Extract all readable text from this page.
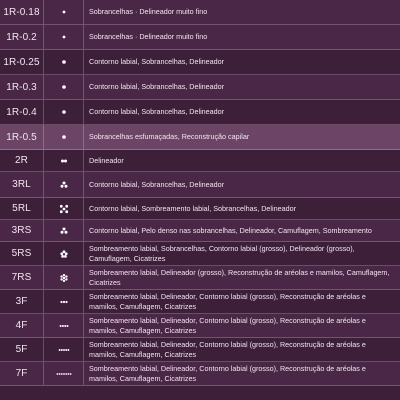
1R-0.18	Sobrancelhas · Delineador muito fino
1R-0.2	Sobrancelhas · Delineador muito fino
1R-0.25	Contorno labial, Sobrancelhas, Delineador
1R-0.3	Contorno labial, Sobrancelhas, Delineador
1R-0.4	Contorno labial, Sobrancelhas, Delineador
1R-0.5	Sobrancelhas esfumaçadas, Reconstrução capilar
2R	Delineador
3RL	Contorno labial, Sobrancelhas, Delineador
5RL	Contorno labial, Sombreamento labial, Sobrancelhas, Delineador
3RS	Contorno labial, Pelo denso nas sobrancelhas, Delineador, Camuflagem, Sombreamento
5RS	Sombreamento labial, Sobrancelhas, Contorno labial (grosso), Delineador (grosso), Camuflagem, Cicatrizes
7RS	Sombreamento labial, Delineador (grosso), Reconstrução de aréolas e mamilos, Camuflagem, Cicatrizes
3F	Sombreamento labial, Delineador, Contorno labial (grosso), Reconstrução de aréolas e mamilos, Camuflagem, Cicatrizes
4F	Sombreamento labial, Delineador, Contorno labial (grosso), Reconstrução de aréolas e mamilos, Camuflagem, Cicatrizes
5F	Sombreamento labial, Delineador, Contorno labial (grosso), Reconstrução de aréolas e mamilos, Camuflagem, Cicatrizes
7F	Sombreamento labial, Delineador, Contorno labial (grosso), Reconstrução de aréolas e mamilos, Camuflagem, Cicatrizes
